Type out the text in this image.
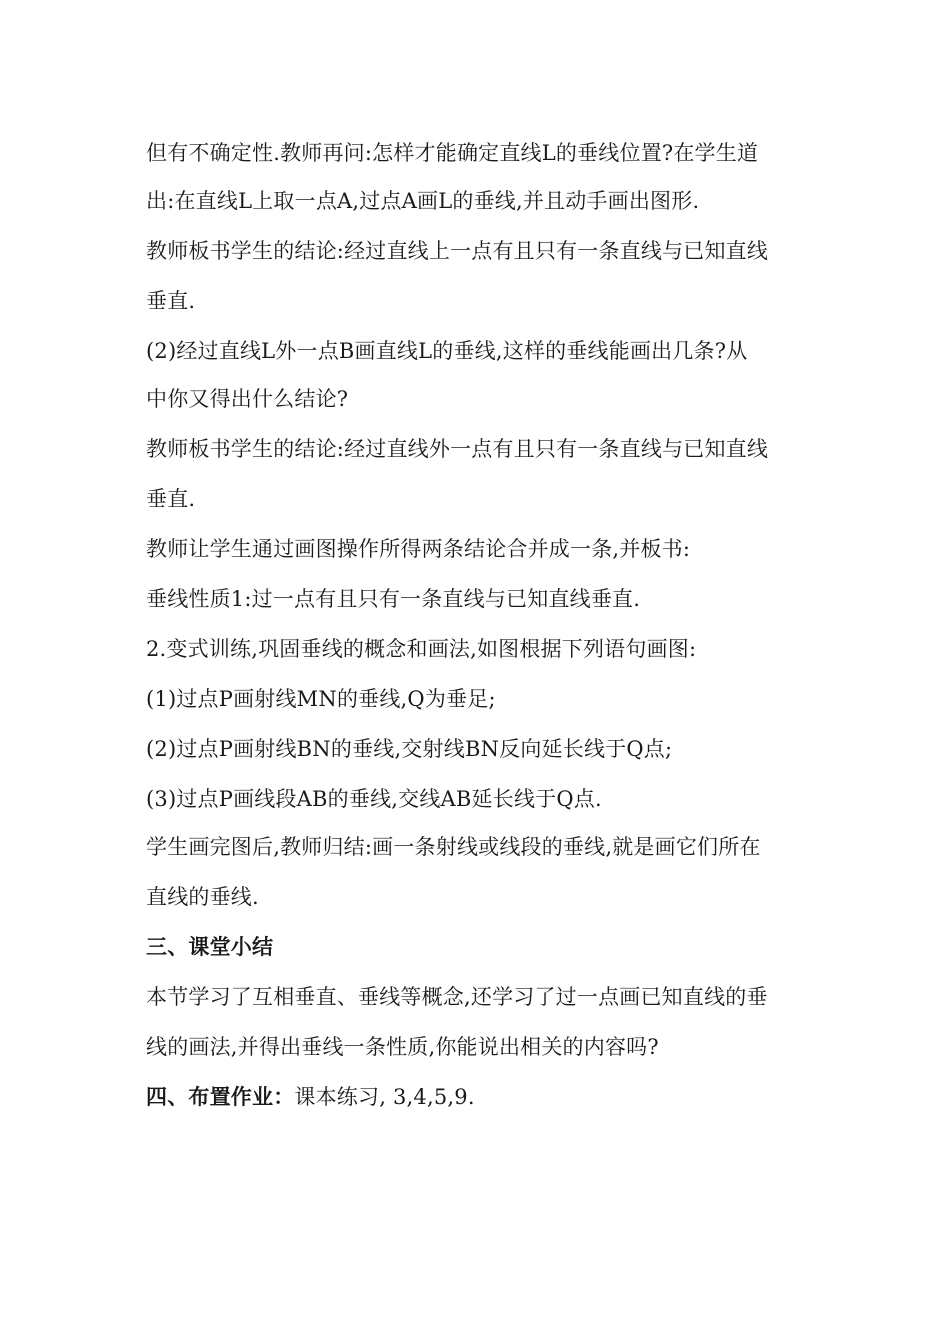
但有不确定性.教师再问:怎样才能确定直线L的垂线位置?在学生道
出:在直线L上取一点A,过点A画L的垂线,并且动手画出图形.
教师板书学生的结论:经过直线上一点有且只有一条直线与已知直线
垂直.
(2)经过直线L外一点B画直线L的垂线,这样的垂线能画出几条?从
中你又得出什么结论?
教师板书学生的结论:经过直线外一点有且只有一条直线与已知直线
垂直.
教师让学生通过画图操作所得两条结论合并成一条,并板书:
垂线性质1:过一点有且只有一条直线与已知直线垂直.
2.变式训练,巩固垂线的概念和画法,如图根据下列语句画图:
(1)过点P画射线MN的垂线,Q为垂足;
(2)过点P画射线BN的垂线,交射线BN反向延长线于Q点;
(3)过点P画线段AB的垂线,交线AB延长线于Q点.
学生画完图后,教师归结:画一条射线或线段的垂线,就是画它们所在
直线的垂线.
三、课堂小结
本节学习了互相垂直、垂线等概念,还学习了过一点画已知直线的垂
线的画法,并得出垂线一条性质,你能说出相关的内容吗?
四、布置作业：课本练习, 3,4,5,9.
